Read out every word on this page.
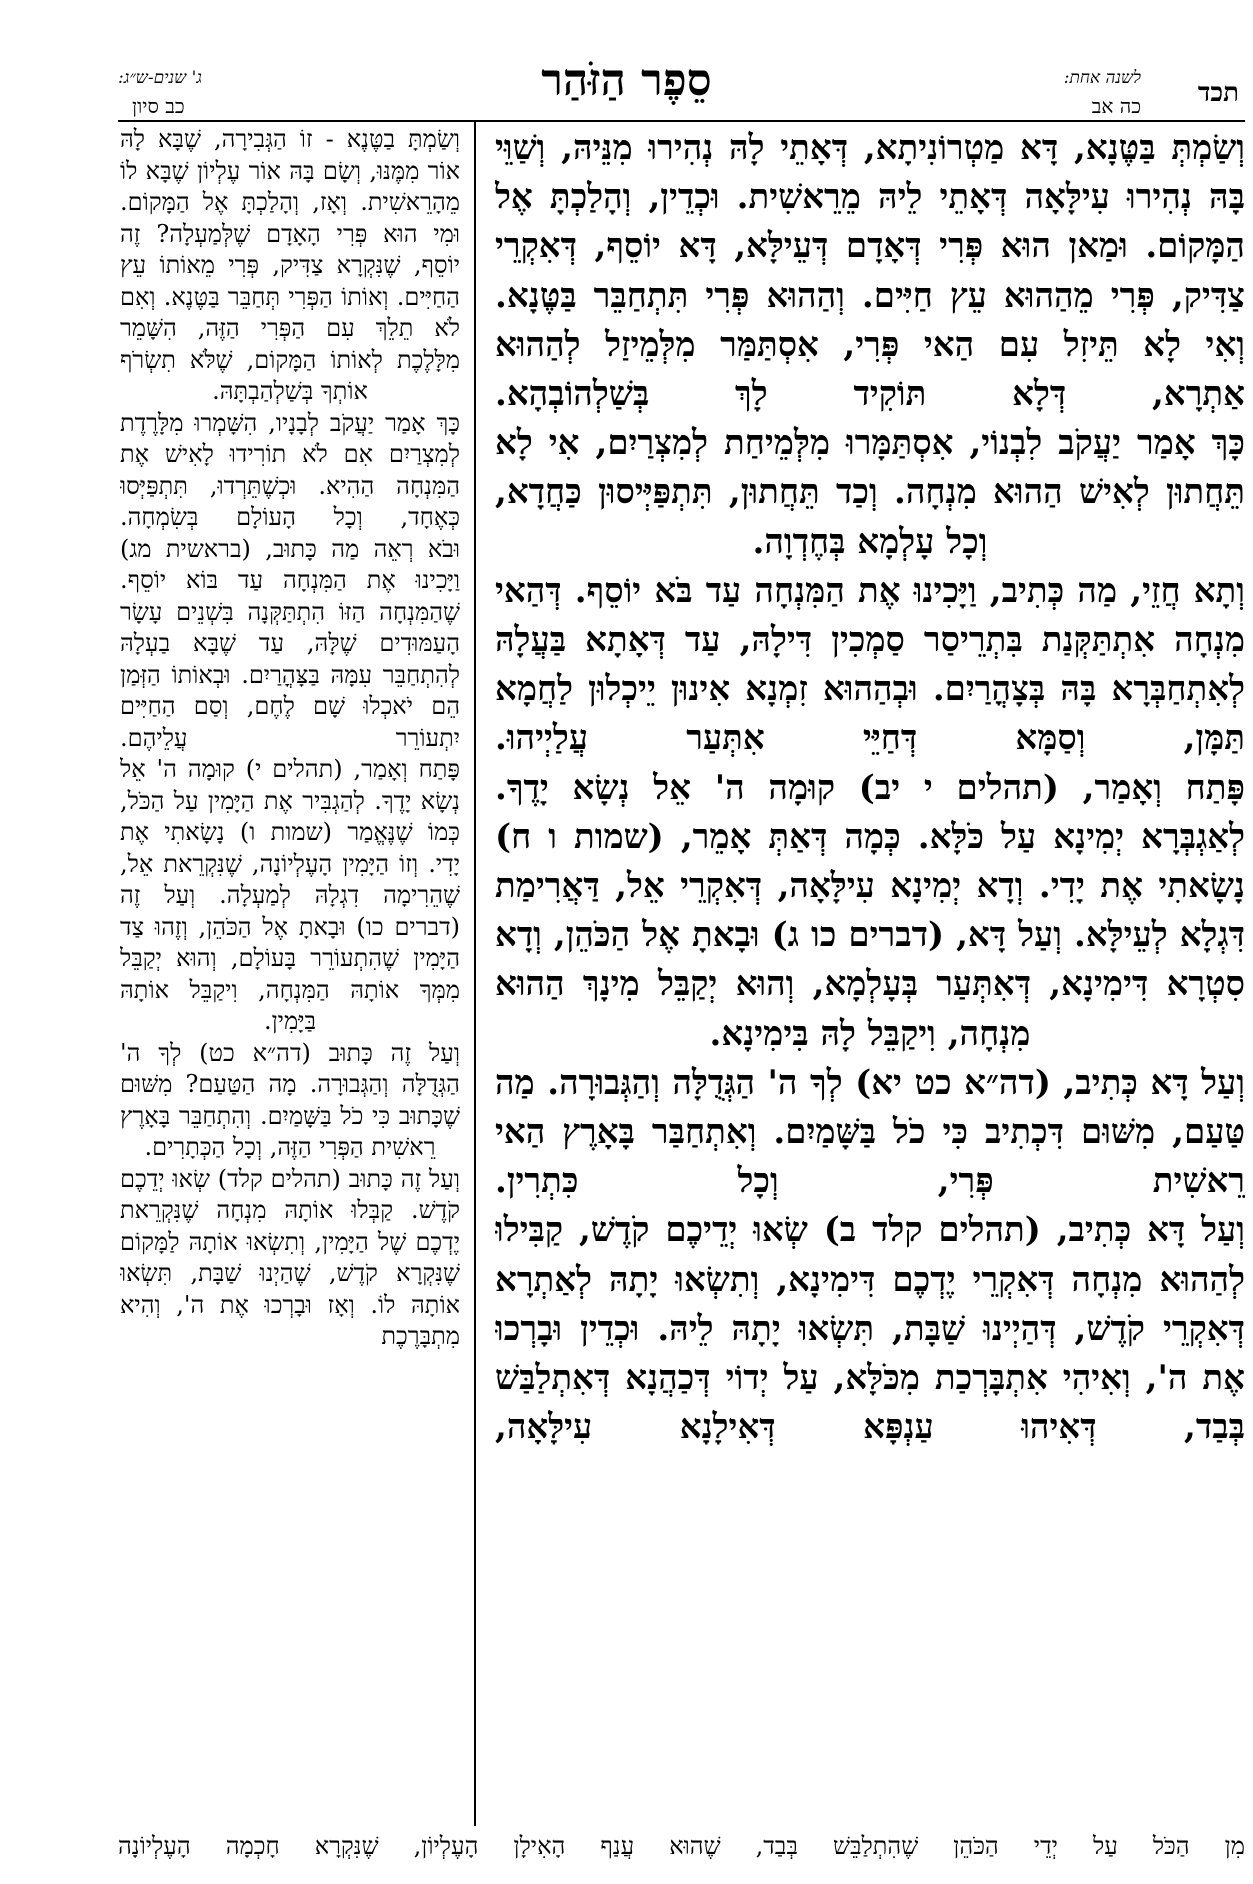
תכד
לשנה אחת:
כה אב
סֵפֶר הַזֹּהַר
ג' שנים-ש״ג:
כב סיון

וְשַׂמְתְּ בַּטֶּנָא, דָּא מַטְרוֹנִיתָא, דְּאָתֵי לָהּ נְהִירוּ מִנֵּיהּ, וְשַׁוֵּי בָּהּ נְהִירוּ עִילָּאָה דְּאָתֵי לֵיהּ מֵרֵאשִׁית. וּכְדֵין, וְהָלַכְתָּ אֶל הַמָּקוֹם. וּמַאן הוּא פְּרִי דְּאָדָם דְּעֵילָּא, דָּא יוֹסֵף, דְּאִקְרֵי צַדִּיק, פְּרִי מֵהַהוּא עֵץ חַיִּים. וְהַהוּא פְּרִי תִּתְחַבֵּר בַּטֶּנָא. וְאִי לָא תֵּיזִל עִם הַאי פְּרִי, אִסְתַּמַּר מִלְּמֵיזַל לְהַהוּא אַתְרָא, דְּלָא תּוֹקִיד לָךְ בְּשַׁלְהוֹבְהָא.

כָּךְ אָמַר יַעֲקֹב לִבְנוֹי, אִסְתַּמָּרוּ מִלְּמֵיחַת לְמִצְרַיִם, אִי לָא תֵּחֲתוּן לְאִישׁ הַהוּא מִנְחָה. וְכַד תֵּחֲתוּן, תִּתְפַּיְּיסוּן כַּחֲדָא, וְכָל עָלְמָא בְּחֶדְוָה.

וְתָא חֲזֵי, מַה כְּתִיב, וַיָּכִינוּ אֶת הַמִּנְחָה עַד בֹּא יוֹסֵף. דְּהַאי מִנְחָה אִתְתַּקְּנַת בִּתְרֵיסַר סַמְכִין דִּילָהּ, עַד דְּאָתָא בַּעֲלָהּ לְאִתְחַבְּרָא בָּהּ בְּצָהֳרַיִם. וּבְהַהוּא זִמְנָא אִינוּן יֵיכְלוּן לַחֲמָא תַּמָּן, וְסַמָּא דְּחַיֵּי אִתְּעַר עֲלַיְיהוּ.

פָּתַח וְאָמַר, (תהלים י יב) קוּמָה ה' אֵל נְשָׂא יָדֶךָ. לְאַגְבְּרָא יְמִינָא עַל כֹּלָּא. כְּמָה דְּאַתְּ אָמֵר, (שמות ו ח) נָשָׂאתִי אֶת יָדִי. וְדָא יְמִינָא עִילָּאָה, דְּאִקְרֵי אֵל, דַּאֲרִימַת דִּגְלָא לְעֵילָּא. וְעַל דָּא, (דברים כו ג) וּבָאתָ אֶל הַכֹּהֵן, וְדָא סִטְרָא דִּימִינָא, דְּאִתְּעַר בְּעָלְמָא, וְהוּא יְקַבֵּל מִינָךְ הַהוּא מִנְחָה, וִיקַבֵּל לָהּ בִּימִינָא.

וְעַל דָּא כְּתִיב, (דה״א כט יא) לְךָ ה' הַגְּדֻלָּה וְהַגְּבוּרָה. מַה טַּעַם, מִשּׁוּם דִּכְתִיב כִּי כֹל בַּשָּׁמַיִם. וְאִתְחַבַּר בָּאָרֶץ הַאי רֵאשִׁית פְּרִי, וְכָל כִּתְרִין.

וְעַל דָּא כְּתִיב, (תהלים קלד ב) שְׂאוּ יְדֵיכֶם קֹדֶשׁ, קַבִּילוּ לְהַהוּא מִנְחָה דְּאִקְרֵי יֶדְכֶם דִּימִינָא, וְתִשְׂאוּ יָתָהּ לְאַתְרָא דְּאִקְרֵי קֹדֶשׁ, דְּהַיְינוּ שַׁבָּת, תִּשְׂאוּ יָתָהּ לֵיהּ. וּכְדֵין וּבָרְכוּ אֶת ה', וְאִיהִי אִתְבָּרְכַת מִכֹּלָּא, עַל יְדוֹי דְּכַהֲנָא דְּאִתְלַבַּשׁ בְּבַד, דְּאִיהוּ עַנְפָּא דְּאִילָנָא עִילָּאָה,

וְשַׂמְתָּ בַטֶּנֶא - זוֹ הַגְּבִירָה, שֶׁבָּא לָהּ אוֹר מִמֶּנּוּ, וְשָׂם בָּהּ אוֹר עֶלְיוֹן שֶׁבָּא לוֹ מֵהָרֵאשִׁית. וְאָז, וְהָלַכְתָּ אֶל הַמָּקוֹם. וּמִי הוּא פְּרִי הָאָדָם שֶׁלְּמַעְלָה? זֶה יוֹסֵף, שֶׁנִּקְרָא צַדִּיק, פְּרִי מֵאוֹתוֹ עֵץ הַחַיִּים. וְאוֹתוֹ הַפְּרִי תְּחַבֵּר בַּטֶּנֶא. וְאִם לֹא תֵלֵךְ עִם הַפְּרִי הַזֶּה, הִשָּׁמֵר מִלָּלֶכֶת לְאוֹתוֹ הַמָּקוֹם, שֶׁלֹּא תִשְׂרֹף אוֹתְךָ בְּשַׁלְהַבְתָּהּ.

כָּךְ אָמַר יַעֲקֹב לְבָנָיו, הִשָּׁמְרוּ מִלָּרֶדֶת לְמִצְרַיִם אִם לֹא תוֹרִידוּ לָאִישׁ אֶת הַמִּנְחָה הַהִיא. וּכְשֶׁתֵּרְדוּ, תִּתְפַּיְּסוּ כְּאֶחָד, וְכָל הָעוֹלָם בְּשִׂמְחָה.

וּבֹא רְאֵה מַה כָּתוּב, (בראשית מג) וַיָּכִינוּ אֶת הַמִּנְחָה עַד בּוֹא יוֹסֵף. שֶׁהַמִּנְחָה הַזּוֹ הִתְתַּקְּנָה בִּשְׁנֵים עָשָׂר הָעַמּוּדִים שֶׁלָּהּ, עַד שֶׁבָּא בַעְלָהּ לְהִתְחַבֵּר עִמָּהּ בַּצָּהֳרַיִם. וּבְאוֹתוֹ הַזְּמַן הֵם יֹאכְלוּ שָׁם לֶחֶם, וְסַם הַחַיִּים יִתְעוֹרֵר עֲלֵיהֶם.

פָּתַח וְאָמַר, (תהלים י) קוּמָה ה' אֵל נְשָׂא יָדֶךָ. לְהַגְבִּיר אֶת הַיָּמִין עַל הַכֹּל, כְּמוֹ שֶׁנֶּאֱמַר (שמות ו) נָשָׂאתִי אֶת יָדִי. וְזוֹ הַיָּמִין הָעֶלְיוֹנָה, שֶׁנִּקְרֵאת אֵל, שֶׁהֵרִימָה דִגְלָהּ לְמַעְלָה. וְעַל זֶה (דברים כו) וּבָאתָ אֶל הַכֹּהֵן, וְזֶהוּ צַד הַיָּמִין שֶׁהִתְעוֹרֵר בָּעוֹלָם, וְהוּא יְקַבֵּל מִמְּךָ אוֹתָהּ הַמִּנְחָה, וִיקַבֵּל אוֹתָהּ בַּיָּמִין.

וְעַל זֶה כָּתוּב (דה״א כט) לְךָ ה' הַגְּדֻלָּה וְהַגְּבוּרָה. מָה הַטַּעַם? מִשּׁוּם שֶׁכָּתוּב כִּי כֹל בַּשָּׁמַיִם. וְהִתְחַבֵּר בָּאָרֶץ רֵאשִׁית הַפְּרִי הַזֶּה, וְכָל הַכְּתָרִים.

וְעַל זֶה כָּתוּב (תהלים קלד) שְׂאוּ יְדֵכֶם קֹדֶשׁ. קַבְּלוּ אוֹתָהּ מִנְחָה שֶׁנִּקְרֵאת יֶדְכֶם שֶׁל הַיָּמִין, וְתִשְׂאוּ אוֹתָהּ לַמָּקוֹם שֶׁנִּקְרָא קֹדֶשׁ, שֶׁהַיְנוּ שַׁבָּת, תִּשְׂאוּ אוֹתָהּ לוֹ. וְאָז וּבָרְכוּ אֶת ה', וְהִיא מִתְבָּרֶכֶת

מִן הַכֹּל עַל יְדֵי הַכֹּהֵן שֶׁהִתְלַבֵּשׁ בְּבַד, שֶׁהוּא עֲנַף הָאִילָן הָעֶלְיוֹן, שֶׁנִּקְרָא חָכְמָה הָעֶלְיוֹנָה
